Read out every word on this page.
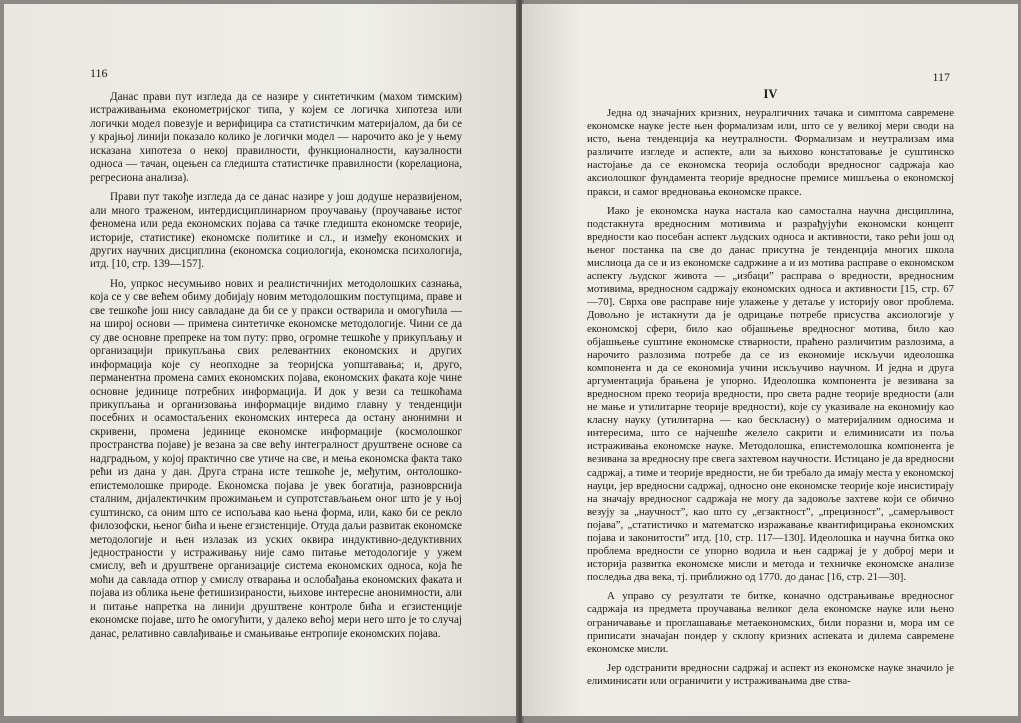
116

Данас прави пут изгледа да се назире у синтетичким (махом тимским) истраживањима економетријског типа, у којем се логичка хипотеза или логички модел повезује и верифицира са статистичким материјалом, да би се у крајњој линији показало колико је логички модел — нарочито ако је у њему исказана хипотеза о некој правилности, функционалности, каузалности односа — тачан, оцењен са гледишта статистичке правилности (корелациона, регресиона анализа).

Прави пут такође изгледа да се данас назире у још додуше неразвијеном, али много траженом, интердисциплинарном проучавању (проучавање истог феномена или реда економских појава са тачке гледишта економске теорије, историје, статистике) економске политике и сл., и између економских и других научних дисциплина (економска социологија, економска психологија, итд. [10, стр. 139—157].

Но, упркос несумњиво нових и реалистичнијих методолошких сазнања, која се у све већем обиму добијају новим методолошким поступцима, праве и све тешкоће још нису савладане да би се у пракси остварила и омогућила — на широј основи — примена синтетичке економске методологије. Чини се да су две основне препреке на том путу: прво, огромне тешкоће у прикупљању и организацији прикупљања свих релевантних економских и других информација које су неопходне за теоријска уопштавања; и, друго, перманентна промена самих економских појава, економских факата које чине основне јединице потребних информација. И док у вези са тешкоћама прикупљања и организовања информације видимо главну у тенденцији посебних и осамостаљених економских интереса да остану анонимни и скривени, промена јединице економске информације (космолошког пространства појаве) је везана за све већу интегралност друштвене основе са надградњом, у којој практично све утиче на све, и мења економска факта тако рећи из дана у дан. Друга страна исте тешкоће је, међутим, онтолошко-епистемолошке природе. Економска појава је увек богатија, разноврснија сталним, дијалектичким прожимањем и супротстављањем оног што је у њој суштинско, са оним што се испољава као њена форма, или, како би се рекло филозофски, њеног бића и њене егзистенције. Отуда даљи развитак економске методологије и њен излазак из уских оквира индуктивно-дедуктивних једностраности у истраживању није само питање методологије у ужем смислу, већ и друштвене организације система економских односа, која ће моћи да савлада отпор у смислу отварања и ослобађања економских факата и појава из облика њене фетишизираности, њихове интересне анонимности, али и питање напретка на линији друштвене контроле бића и егзистенције економске појаве, што ће омогућити, у далеко већој мери него што је то случај данас, релативно савлађивање и смањивање ентропије економских појава.

117
IV

Једна од значајних кризних, неуралгичних тачака и симптома савремене економске науке јесте њен формализам или, што се у великој мери своди на исто, њена тенденција ка неутралности. Формализам и неутрализам има различите изгледе и аспекте, али за њихово констатовање је суштинско настојање да се економска теорија ослободи вредносног садржаја као аксиолошког фундамента теорије вредносне премисе мишљења о економској пракси, и самог вредновања економске праксе.

Иако је економска наука настала као самостална научна дисциплина, подстакнута вредносним мотивима и разрађујући економски концепт вредности као посебан аспект људских односа и активности, тако рећи још од њеног постанка па све до данас присутна је тенденција многих школа мислиоца да се и из економске садржине а и из мотива расправе о економском аспекту људског живота — „избаци” расправа о вредности, вредносним мотивима, вредносном садржају економских односа и активности [15, стр. 67—70]. Сврха ове расправе није улажење у детаље у историју овог проблема. Довољно је истакнути да је одрицање потребе присуства аксиологије у економској сфери, било као објашњење вредносног мотива, било као објашњење суштине економске стварности, праћено различитим разлозима, а нарочито разлозима потребе да се из економије искључи идеолошка компонента и да се економија учини искључиво научном. И једна и друга аргументација брањена је упорно. Идеолошка компонента је везивана за вредносном преко теорија вредности, про света радне теорије вредности (али не мање и утилитарне теорије вредности), које су указивале на економију као класну науку (утилитарна — као бескласну) о материјалним односима и интересима, што се најчешће желело сакрити и елиминисати из поља истраживања економске науке. Методолошка, епистемолошка компонента је везивана за вредносну пре свега захтевом научности. Истицано је да вредносни садржај, а тиме и теорије вредности, не би требало да имају места у економској науци, јер вредносни садржај, односно оне економске теорије које инсистирају на значају вредносног садржаја не могу да задовоље захтеве који се обично везују за „научност”, као што су „егзактност”, „прецизност”, „самерљивост појава”, „статистичко и математско изражавање квантифицирања економских појава и законитости” итд. [10, стр. 117—130]. Идеолошка и научна битка око проблема вредности се упорно водила и њен садржај је у доброј мери и историја развитка економске мисли и метода и техничке економске анализе последња два века, тј. приближно од 1770. до данас [16, стр. 21—30].

А управо су резултати те битке, коначно одстрањивање вредносног садржаја из предмета проучавања великог дела економске науке или њено ограничавање и проглашавање метаекономских, били поразни и, мора им се приписати значајан пондер у склопу кризних аспеката и дилема савремене економске мисли.

Јер одстранити вредносни садржај и аспект из економске науке значило је елиминисати или ограничити у истраживањима две ства-
